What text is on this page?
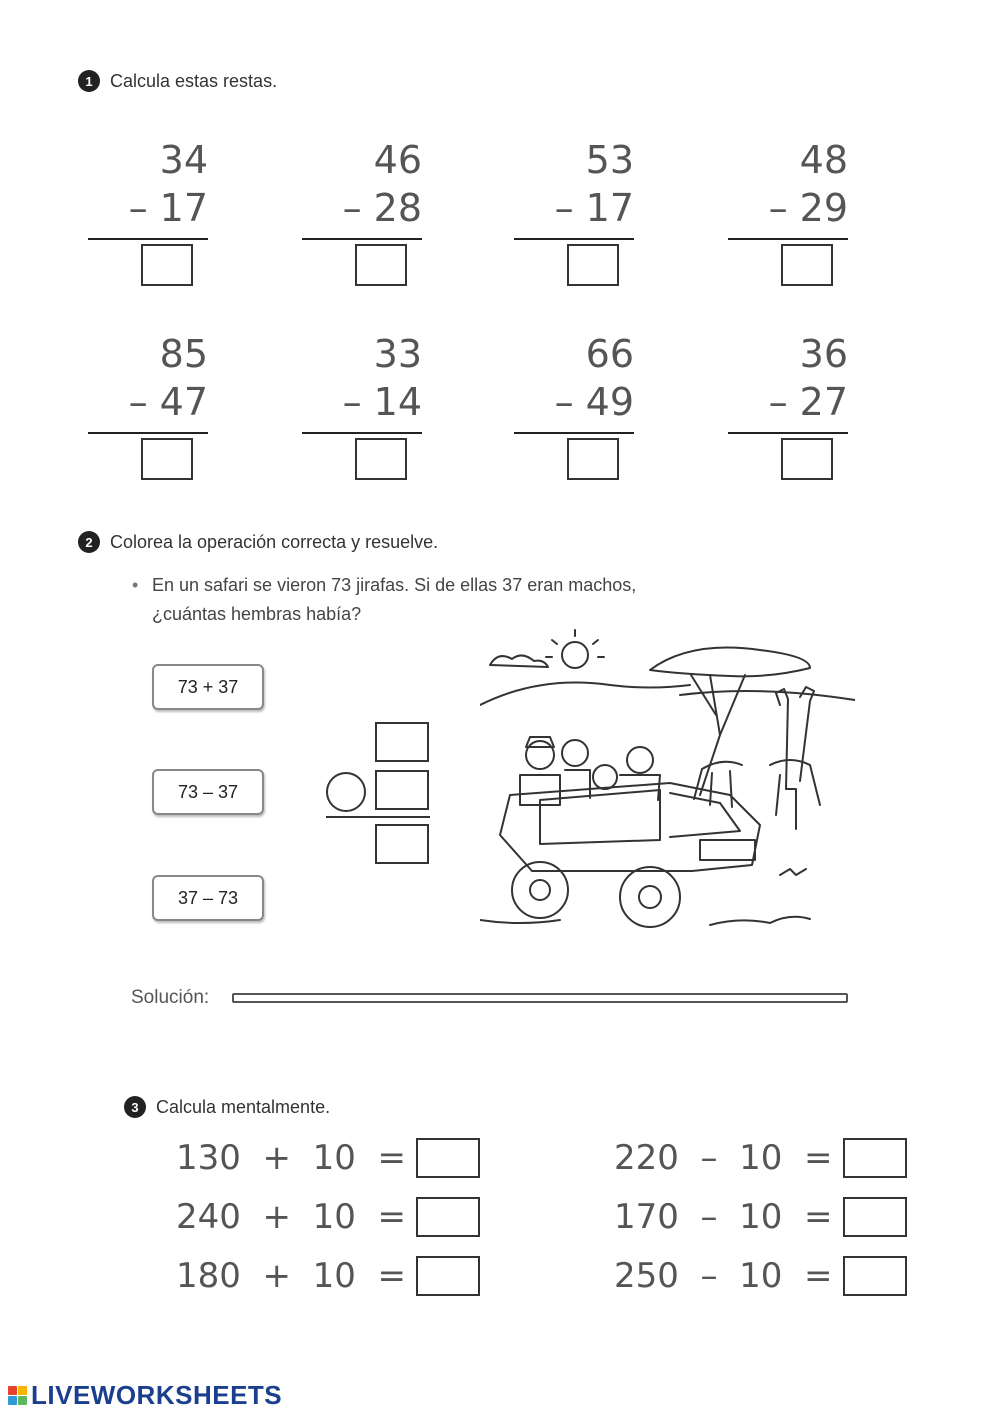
1 Calcula estas restas.
34
– 17
46
– 28
53
– 17
48
– 29
85
– 47
33
– 14
66
– 49
36
– 27
2 Colorea la operación correcta y resuelve.
• En un safari se vieron 73 jirafas. Si de ellas 37 eran machos,
¿cuántas hembras había?
73 + 37
73 – 37
37 – 73
Solución:
3 Calcula mentalmente.
130  +  10  =
240  +  10  =
180  +  10  =
220  –  10  =
170  –  10  =
250  –  10  =
LIVEWORKSHEETS
